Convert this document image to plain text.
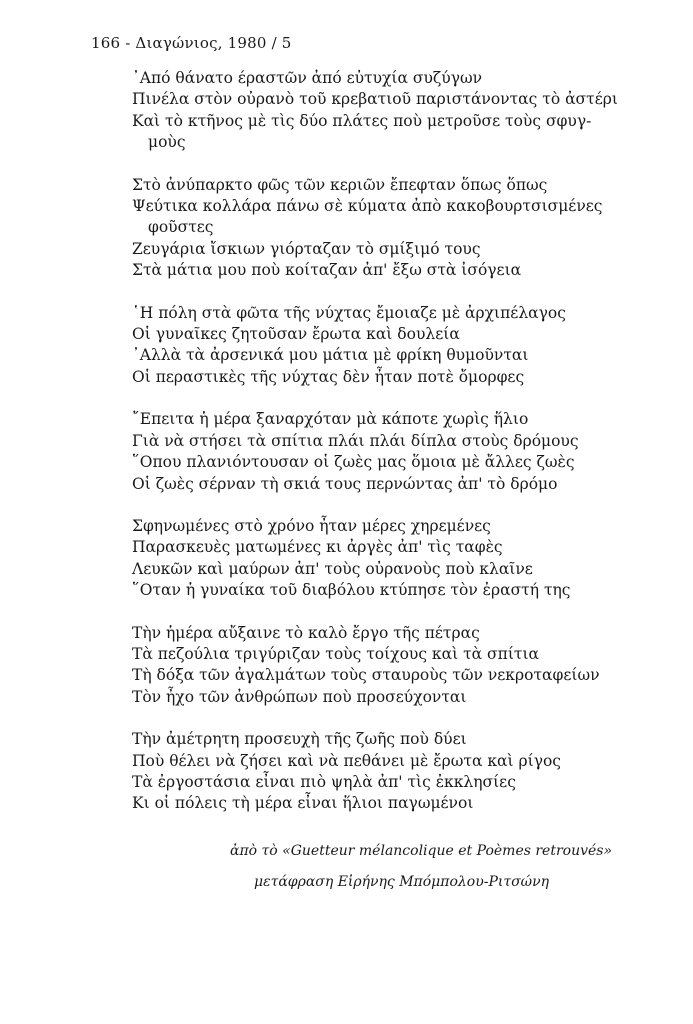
166 - Διαγώνιος, 1980 / 5
᾿Από θάνατο έραστῶν ἀπό εὐτυχία συζύγων
Πινέλα στὸν οὐρανὸ τοῦ κρεβατιοῦ παριστάνοντας τὸ ἀστέρι
Καὶ τὸ κτῆνος μὲ τὶς δύο πλάτες ποὺ μετροῦσε τοὺς σφυγ-
μοὺς
Στὸ ἀνύπαρκτο φῶς τῶν κεριῶν ἔπεφταν ὅπως ὅπως
Ψεύτικα κολλάρα πάνω σὲ κύματα ἀπὸ κακοβουρτσισμένες
φοῦστες
Ζευγάρια ἴσκιων γιόρταζαν τὸ σμίξιμό τους
Στὰ μάτια μου ποὺ κοίταζαν ἀπ' ἔξω στὰ ἰσόγεια
῾Η πόλη στὰ φῶτα τῆς νύχτας ἔμοιαζε μὲ ἀρχιπέλαγος
Οἱ γυναῖκες ζητοῦσαν ἔρωτα καὶ δουλεία
᾿Αλλὰ τὰ ἀρσενικά μου μάτια μὲ φρίκη θυμοῦνται
Οἱ περαστικὲς τῆς νύχτας δὲν ἦταν ποτὲ ὄμορφες
῎Επειτα ἡ μέρα ξαναρχόταν μὰ κάποτε χωρὶς ἥλιο
Γιὰ νὰ στήσει τὰ σπίτια πλάι πλάι δίπλα στοὺς δρόμους
῞Οπου πλανιόντουσαν οἱ ζωὲς μας ὅμοια μὲ ἄλλες ζωὲς
Οἱ ζωὲς σέρναν τὴ σκιά τους περνώντας ἀπ' τὸ δρόμο
Σφηνωμένες στὸ χρόνο ἦταν μέρες χηρεμένες
Παρασκευὲς ματωμένες κι ἀργὲς ἀπ' τὶς ταφὲς
Λευκῶν καὶ μαύρων ἀπ' τοὺς οὐρανοὺς ποὺ κλαῖνε
῞Οταν ἡ γυναίκα τοῦ διαβόλου κτύπησε τὸν ἐραστή της
Τὴν ἡμέρα αὔξαινε τὸ καλὸ ἔργο τῆς πέτρας
Τὰ πεζούλια τριγύριζαν τοὺς τοίχους καὶ τὰ σπίτια
Τὴ δόξα τῶν ἀγαλμάτων τοὺς σταυροὺς τῶν νεκροταφείων
Τὸν ἦχο τῶν ἀνθρώπων ποὺ προσεύχονται
Τὴν ἀμέτρητη προσευχὴ τῆς ζωῆς ποὺ δύει
Ποὺ θέλει νὰ ζήσει καὶ νὰ πεθάνει μὲ ἔρωτα καὶ ρίγος
Τὰ ἐργοστάσια εἶναι πιὸ ψηλὰ ἀπ' τὶς ἐκκλησίες
Κι οἱ πόλεις τὴ μέρα εἶναι ἥλιοι παγωμένοι
ἀπὸ τὸ «Guetteur mélancolique et Poèmes retrouvés»
μετάφραση Εἰρήνης Μπόμπολου-Ριτσώνη
